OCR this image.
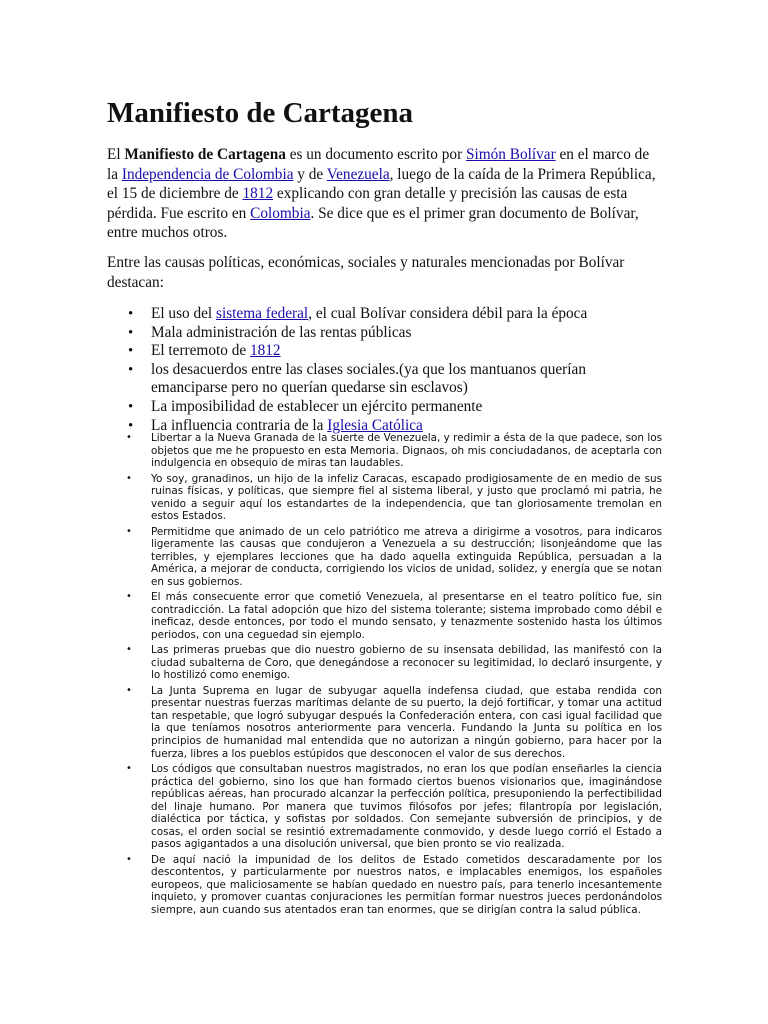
Manifiesto de Cartagena

El Manifiesto de Cartagena es un documento escrito por Simón Bolívar en el marco de la Independencia de Colombia y de Venezuela, luego de la caída de la Primera República, el 15 de diciembre de 1812 explicando con gran detalle y precisión las causas de esta pérdida. Fue escrito en Colombia. Se dice que es el primer gran documento de Bolívar, entre muchos otros.

Entre las causas políticas, económicas, sociales y naturales mencionadas por Bolívar destacan:

• El uso del sistema federal, el cual Bolívar considera débil para la época
• Mala administración de las rentas públicas
• El terremoto de 1812
• los desacuerdos entre las clases sociales.(ya que los mantuanos querían emanciparse pero no querían quedarse sin esclavos)
• La imposibilidad de establecer un ejército permanente
• La influencia contraria de la Iglesia Católica
• Libertar a la Nueva Granada de la suerte de Venezuela, y redimir a ésta de la que padece, son los objetos que me he propuesto en esta Memoria. Dignaos, oh mis conciudadanos, de aceptarla con indulgencia en obsequio de miras tan laudables.
• Yo soy, granadinos, un hijo de la infeliz Caracas, escapado prodigiosamente de en medio de sus ruinas físicas, y políticas, que siempre fiel al sistema liberal, y justo que proclamó mi patria, he venido a seguir aquí los estandartes de la independencia, que tan gloriosamente tremolan en estos Estados.
• Permitidme que animado de un celo patriótico me atreva a dirigirme a vosotros, para indicaros ligeramente las causas que condujeron a Venezuela a su destrucción; lisonjeándome que las terribles, y ejemplares lecciones que ha dado aquella extinguida República, persuadan a la América, a mejorar de conducta, corrigiendo los vicios de unidad, solidez, y energía que se notan en sus gobiernos.
• El más consecuente error que cometió Venezuela, al presentarse en el teatro político fue, sin contradicción. La fatal adopción que hizo del sistema tolerante; sistema improbado como débil e ineficaz, desde entonces, por todo el mundo sensato, y tenazmente sostenido hasta los últimos periodos, con una ceguedad sin ejemplo.
• Las primeras pruebas que dio nuestro gobierno de su insensata debilidad, las manifestó con la ciudad subalterna de Coro, que denegándose a reconocer su legitimidad, lo declaró insurgente, y lo hostilizó como enemigo.
• La Junta Suprema en lugar de subyugar aquella indefensa ciudad, que estaba rendida con presentar nuestras fuerzas marítimas delante de su puerto, la dejó fortificar, y tomar una actitud tan respetable, que logró subyugar después la Confederación entera, con casi igual facilidad que la que teníamos nosotros anteriormente para vencerla. Fundando la Junta su política en los principios de humanidad mal entendida que no autorizan a ningún gobierno, para hacer por la fuerza, libres a los pueblos estúpidos que desconocen el valor de sus derechos.
• Los códigos que consultaban nuestros magistrados, no eran los que podían enseñarles la ciencia práctica del gobierno, sino los que han formado ciertos buenos visionarios que, imaginándose repúblicas aéreas, han procurado alcanzar la perfección política, presuponiendo la perfectibilidad del linaje humano. Por manera que tuvimos filósofos por jefes; filantropía por legislación, dialéctica por táctica, y sofistas por soldados. Con semejante subversión de principios, y de cosas, el orden social se resintió extremadamente conmovido, y desde luego corrió el Estado a pasos agigantados a una disolución universal, que bien pronto se vio realizada.
• De aquí nació la impunidad de los delitos de Estado cometidos descaradamente por los descontentos, y particularmente por nuestros natos, e implacables enemigos, los españoles europeos, que maliciosamente se habían quedado en nuestro país, para tenerlo incesantemente inquieto, y promover cuantas conjuraciones les permitían formar nuestros jueces perdonándolos siempre, aun cuando sus atentados eran tan enormes, que se dirigían contra la salud pública.
